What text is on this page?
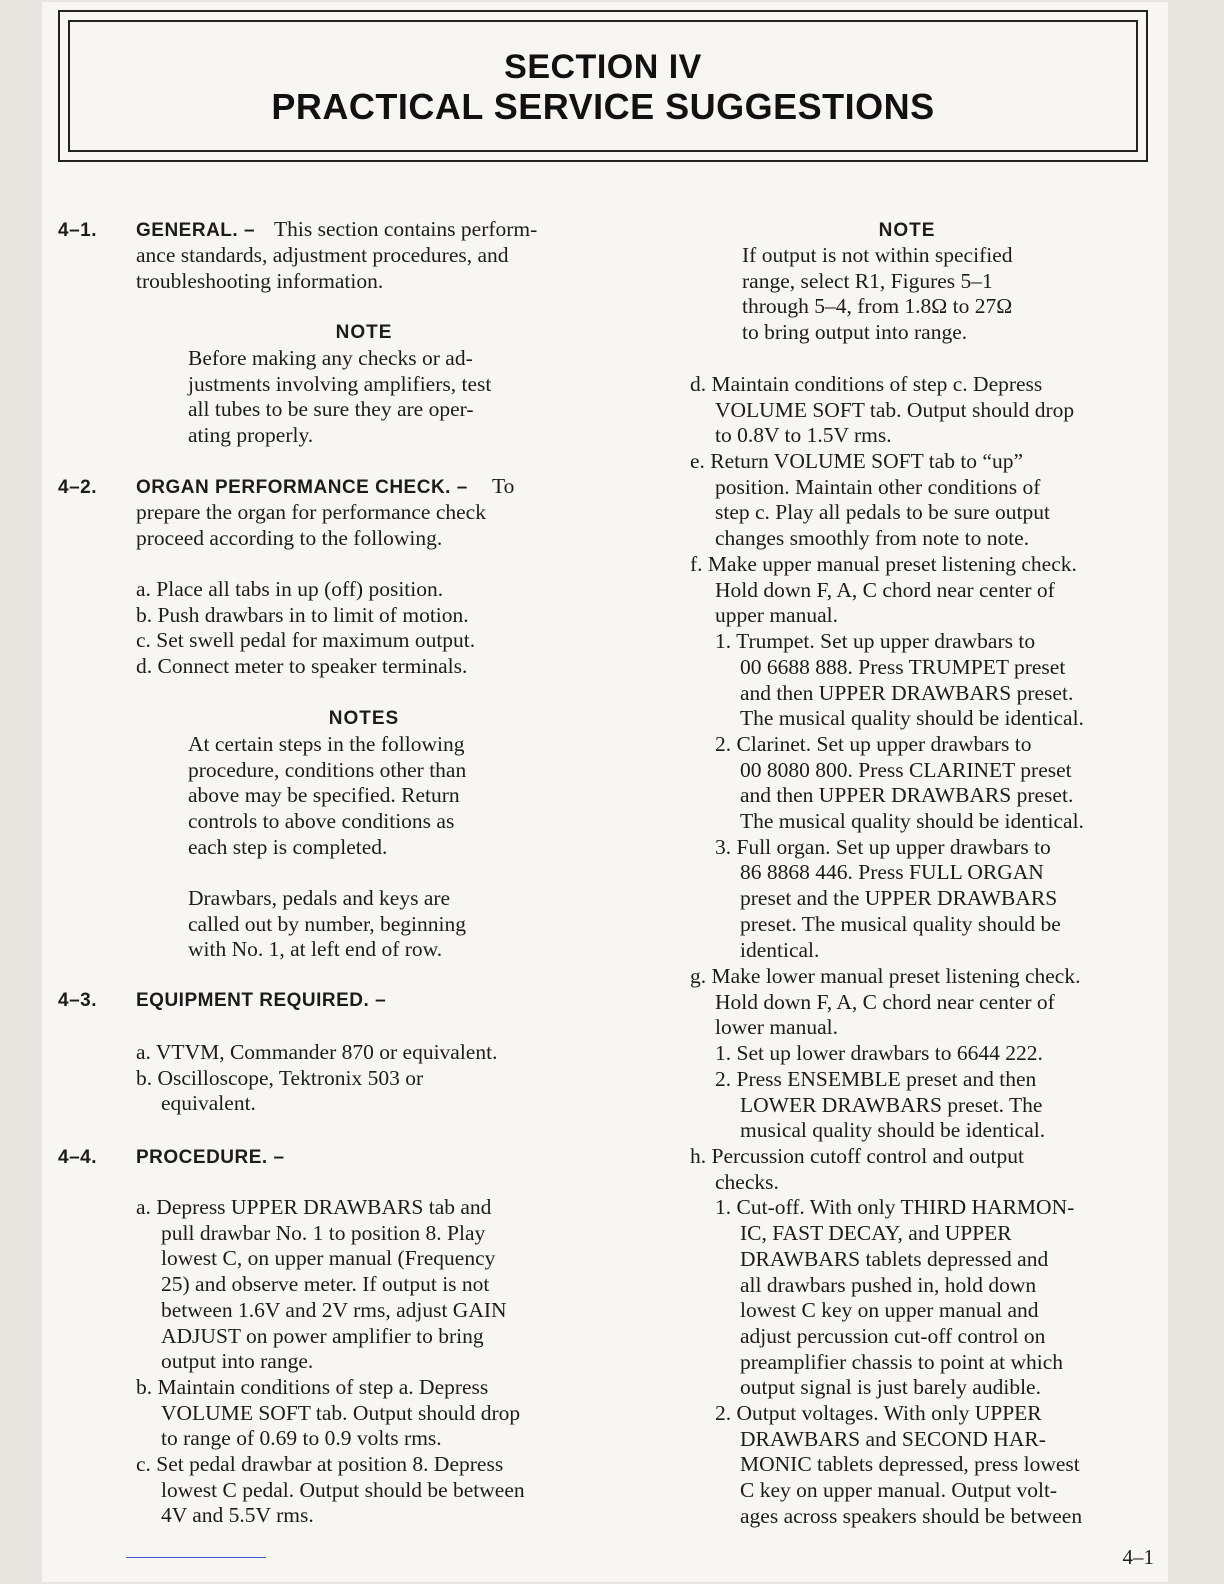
SECTION IV
PRACTICAL SERVICE SUGGESTIONS
4–1. GENERAL. – This section contains perform-
ance standards, adjustment procedures, and
troubleshooting information.
NOTE
Before making any checks or ad-
justments involving amplifiers, test
all tubes to be sure they are oper-
ating properly.
4–2. ORGAN PERFORMANCE CHECK. – To
prepare the organ for performance check
proceed according to the following.
a. Place all tabs in up (off) position.
b. Push drawbars in to limit of motion.
c. Set swell pedal for maximum output.
d. Connect meter to speaker terminals.
NOTES
At certain steps in the following
procedure, conditions other than
above may be specified. Return
controls to above conditions as
each step is completed.
Drawbars, pedals and keys are
called out by number, beginning
with No. 1, at left end of row.
4–3. EQUIPMENT REQUIRED. –
a. VTVM, Commander 870 or equivalent.
b. Oscilloscope, Tektronix 503 or
equivalent.
4–4. PROCEDURE. –
a. Depress UPPER DRAWBARS tab and
pull drawbar No. 1 to position 8. Play
lowest C, on upper manual (Frequency
25) and observe meter. If output is not
between 1.6V and 2V rms, adjust GAIN
ADJUST on power amplifier to bring
output into range.
b. Maintain conditions of step a. Depress
VOLUME SOFT tab. Output should drop
to range of 0.69 to 0.9 volts rms.
c. Set pedal drawbar at position 8. Depress
lowest C pedal. Output should be between
4V and 5.5V rms.
NOTE
If output is not within specified
range, select R1, Figures 5–1
through 5–4, from 1.8Ω to 27Ω
to bring output into range.
d. Maintain conditions of step c. Depress
VOLUME SOFT tab. Output should drop
to 0.8V to 1.5V rms.
e. Return VOLUME SOFT tab to “up”
position. Maintain other conditions of
step c. Play all pedals to be sure output
changes smoothly from note to note.
f. Make upper manual preset listening check.
Hold down F, A, C chord near center of
upper manual.
1. Trumpet. Set up upper drawbars to
00 6688 888. Press TRUMPET preset
and then UPPER DRAWBARS preset.
The musical quality should be identical.
2. Clarinet. Set up upper drawbars to
00 8080 800. Press CLARINET preset
and then UPPER DRAWBARS preset.
The musical quality should be identical.
3. Full organ. Set up upper drawbars to
86 8868 446. Press FULL ORGAN
preset and the UPPER DRAWBARS
preset. The musical quality should be
identical.
g. Make lower manual preset listening check.
Hold down F, A, C chord near center of
lower manual.
1. Set up lower drawbars to 6644 222.
2. Press ENSEMBLE preset and then
LOWER DRAWBARS preset. The
musical quality should be identical.
h. Percussion cutoff control and output
checks.
1. Cut-off. With only THIRD HARMON-
IC, FAST DECAY, and UPPER
DRAWBARS tablets depressed and
all drawbars pushed in, hold down
lowest C key on upper manual and
adjust percussion cut-off control on
preamplifier chassis to point at which
output signal is just barely audible.
2. Output voltages. With only UPPER
DRAWBARS and SECOND HAR-
MONIC tablets depressed, press lowest
C key on upper manual. Output volt-
ages across speakers should be between
4–1
